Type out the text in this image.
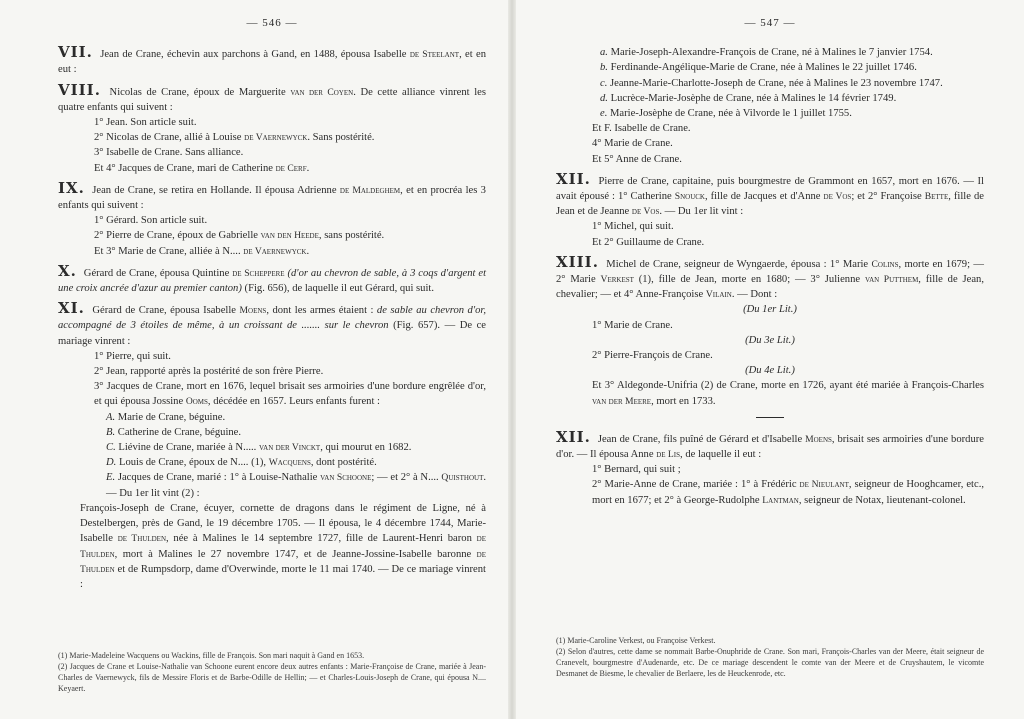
— 546 —
VII. Jean de Crane, échevin aux parchons à Gand, en 1488, épousa Isabelle de Steelant, et en eut :
VIII. Nicolas de Crane, époux de Marguerite van der Coyen. De cette alliance vinrent les quatre enfants qui suivent :

1° Jean. Son article suit.

2° Nicolas de Crane, allié à Louise de Vaernewyck. Sans postérité.

3° Isabelle de Crane. Sans alliance.

Et 4° Jacques de Crane, mari de Catherine de Cerf.

IX. Jean de Crane, se retira en Hollande. Il épousa Adrienne de Maldeghem, et en procréa les 3 enfants qui suivent :

1° Gérard. Son article suit.

2° Pierre de Crane, époux de Gabrielle van den Heede, sans postérité.

Et 3° Marie de Crane, alliée à N.... de Vaernewyck.

X. Gérard de Crane, épousa Quintine de Scheppere (d'or au chevron de sable, à 3 coqs d'argent et une croix ancrée d'azur au premier canton) (Fig. 656), de laquelle il eut Gérard, qui suit.
XI. Gérard de Crane, épousa Isabelle Moens, dont les armes étaient : de sable au chevron d'or, accompagné de 3 étoiles de même, à un croissant de ....... sur le chevron (Fig. 657). — De ce mariage vinrent :

1° Pierre, qui suit.

2° Jean, rapporté après la postérité de son frère Pierre.

3° Jacques de Crane, mort en 1676, lequel brisait ses armoiries d'une bordure engrêlée d'or, et qui épousa Jossine Ooms, décédée en 1657. Leurs enfants furent :

A. Marie de Crane, béguine.

B. Catherine de Crane, béguine.

C. Liévine de Crane, mariée à N..... van der Vinckt, qui mourut en 1682.

D. Louis de Crane, époux de N.... (1), Wacquens, dont postérité.

E. Jacques de Crane, marié : 1° à Louise-Nathalie van Schoone; — et 2° à N.... Quisthout. — Du 1er lit vint (2) :

François-Joseph de Crane, écuyer, cornette de dragons dans le régiment de Ligne, né à Destelbergen, près de Gand, le 19 décembre 1705. — Il épousa, le 4 décembre 1744, Marie-Isabelle de Thulden, née à Malines le 14 septembre 1727, fille de Laurent-Henri baron de Thulden, mort à Malines le 27 novembre 1747, et de Jeanne-Jossine-Isabelle baronne de Thulden et de Rumpsdorp, dame d'Overwinde, morte le 11 mai 1740. — De ce mariage vinrent :

(1) Marie-Madeleine Wacquens ou Wackins, fille de François. Son mari naquit à Gand en 1653.

(2) Jacques de Crane et Louise-Nathalie van Schoone eurent encore deux autres enfants : Marie-Françoise de Crane, mariée à Jean-Charles de Vaernewyck, fils de Messire Floris et de Barbe-Odille de Hellin; — et Charles-Louis-Joseph de Crane, qui épousa N.... Keyaert.

— 547 —

a. Marie-Joseph-Alexandre-François de Crane, né à Malines le 7 janvier 1754.

b. Ferdinande-Angélique-Marie de Crane, née à Malines le 22 juillet 1746.

c. Jeanne-Marie-Charlotte-Joseph de Crane, née à Malines le 23 novembre 1747.

d. Lucrèce-Marie-Josèphe de Crane, née à Malines le 14 février 1749.

e. Marie-Josèphe de Crane, née à Vilvorde le 1 juillet 1755.

Et F. Isabelle de Crane.

4° Marie de Crane.

Et 5° Anne de Crane.

XII. Pierre de Crane, capitaine, puis bourgmestre de Grammont en 1657, mort en 1676. — Il avait épousé : 1° Catherine Snouck, fille de Jacques et d'Anne de Vos; et 2° Françoise Bette, fille de Jean et de Jeanne de Vos. — Du 1er lit vint :

1° Michel, qui suit.

Et 2° Guillaume de Crane.

XIII. Michel de Crane, seigneur de Wyngaerde, épousa : 1° Marie Colins, morte en 1679; — 2° Marie Verkest (1), fille de Jean, morte en 1680; — 3° Julienne van Putthem, fille de Jean, chevalier; — et 4° Anne-Françoise Vilain. — Dont :

(Du 1er Lit.)

1° Marie de Crane.

(Du 3e Lit.)

2° Pierre-François de Crane.

(Du 4e Lit.)

Et 3° Aldegonde-Unifria (2) de Crane, morte en 1726, ayant été mariée à François-Charles van der Meere, mort en 1733.

XII. Jean de Crane, fils puîné de Gérard et d'Isabelle Moens, brisait ses armoiries d'une bordure d'or. — Il épousa Anne de Lis, de laquelle il eut :

1° Bernard, qui suit ;

2° Marie-Anne de Crane, mariée : 1° à Frédéric de Nieulant, seigneur de Hooghcamer, etc., mort en 1677; et 2° à George-Rudolphe Lantman, seigneur de Notax, lieutenant-colonel.

(1) Marie-Caroline Verkest, ou Françoise Verkest.

(2) Selon d'autres, cette dame se nommait Barbe-Onuphride de Crane. Son mari, François-Charles van der Meere, était seigneur de Cranevelt, bourgmestre d'Audenarde, etc. De ce mariage descendent le comte van der Meere et de Cruyshautem, le vicomte Desmanet de Biesme, le chevalier de Berlaere, les de Heuckenrode, etc.
